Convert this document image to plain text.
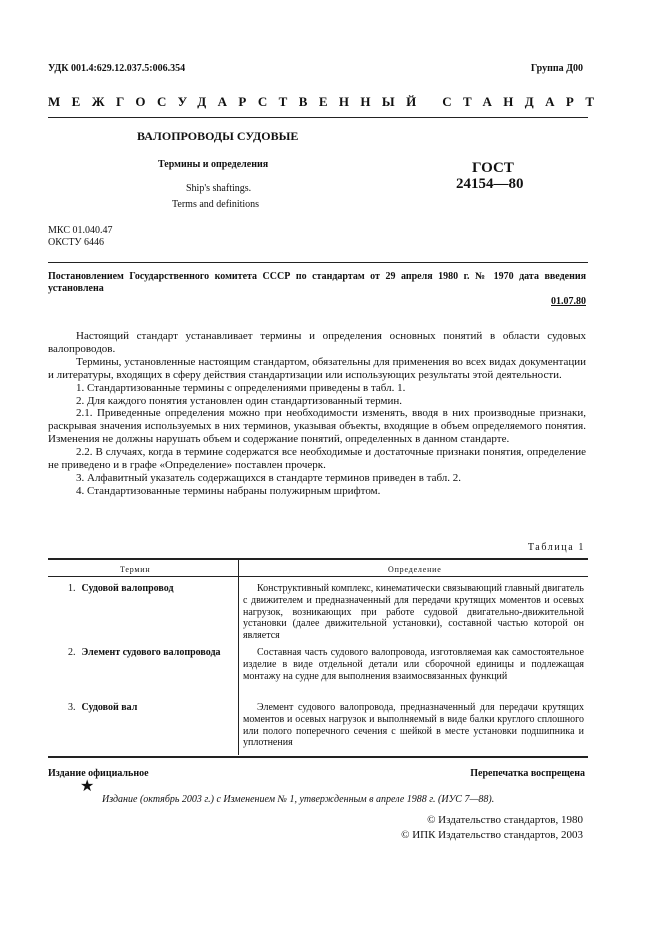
УДК 001.4:629.12.037.5:006.354	Группа Д00
МЕЖГОСУДАРСТВЕННЫЙ СТАНДАРТ
ВАЛОПРОВОДЫ СУДОВЫЕ
Термины и определения
Ship's shaftings.
Terms and definitions
ГОСТ
24154—80
МКС 01.040.47
ОКСТУ 6446
Постановлением Государственного комитета СССР по стандартам от 29 апреля 1980 г. № 1970 дата введения установлена
01.07.80

Настоящий стандарт устанавливает термины и определения основных понятий в области судовых валопроводов.

Термины, установленные настоящим стандартом, обязательны для применения во всех видах документации и литературы, входящих в сферу действия стандартизации или использующих результаты этой деятельности.

1. Стандартизованные термины с определениями приведены в табл. 1.

2. Для каждого понятия установлен один стандартизованный термин.

2.1. Приведенные определения можно при необходимости изменять, вводя в них производные признаки, раскрывая значения используемых в них терминов, указывая объекты, входящие в объем определяемого понятия. Изменения не должны нарушать объем и содержание понятий, определенных в данном стандарте.

2.2. В случаях, когда в термине содержатся все необходимые и достаточные признаки понятия, определение не приведено и в графе «Определение» поставлен прочерк.

3. Алфавитный указатель содержащихся в стандарте терминов приведен в табл. 2.

4. Стандартизованные термины набраны полужирным шрифтом.

Таблица 1
Термин	Определение
1. Судовой валопровод	Конструктивный комплекс, кинематически связывающий главный двигатель с движителем и предназначенный для передачи крутящих моментов и осевых нагрузок, возникающих при работе судовой двигательно-движительной установки (далее движительной установки), составной частью которой он является

2. Элемент судового валопровода	Составная часть судового валопровода, изготовляемая как самостоятельное изделие в виде отдельной детали или сборочной единицы и подлежащая монтажу на судне для выполнения взаимосвязанных функций

3. Судовой вал	Элемент судового валопровода, предназначенный для передачи крутящих моментов и осевых нагрузок и выполняемый в виде балки круглого сплошного или полого поперечного сечения с шейкой в месте установки подшипника и уплотнения

Издание официальное	Перепечатка воспрещена
★
Издание (октябрь 2003 г.) с Изменением № 1, утвержденным в апреле 1988 г. (ИУС 7—88).
© Издательство стандартов, 1980
© ИПК Издательство стандартов, 2003
